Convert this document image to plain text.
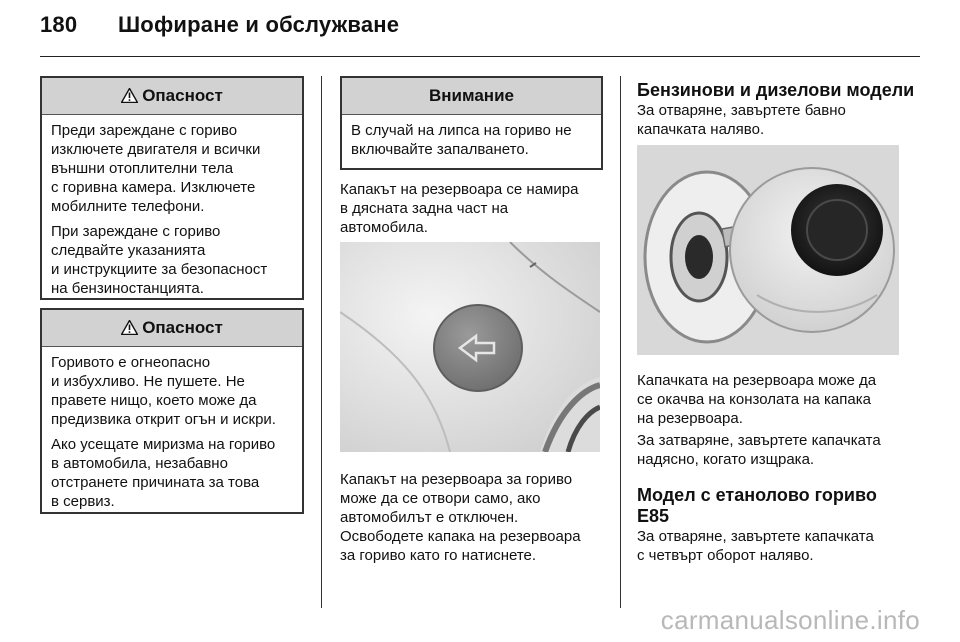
180 Шофиране и обслужване
Опасност

Преди зареждане с гориво
изключете двигателя и всички
външни отоплителни тела
с горивна камера. Изключете
мобилните телефони.

При зареждане с гориво
следвайте указанията
и инструкциите за безопасност
на бензиностанцията.

Опасност

Горивото е огнеопасно
и избухливо. Не пушете. Не
правете нищо, което може да
предизвика открит огън и искри.

Ако усещате миризма на гориво
в автомобила, незабавно
отстранете причината за това
в сервиз.

Внимание

В случай на липса на гориво не
включвайте запалването.

Капакът на резервоара се намира
в дясната задна част на
автомобила.
Капакът на резервоара за гориво
може да се отвори само, ако
автомобилът е отключен.
Освободете капака на резервоара
за гориво като го натиснете.
Бензинови и дизелови модели
За отваряне, завъртете бавно
капачката наляво.
Капачката на резервоара може да
се окачва на конзолата на капака
на резервоара.
За затваряне, завъртете капачката
надясно, когато изщрака.
Модел с етанолово гориво
E85
За отваряне, завъртете капачката
с четвърт оборот наляво.
carmanualsonline.info
